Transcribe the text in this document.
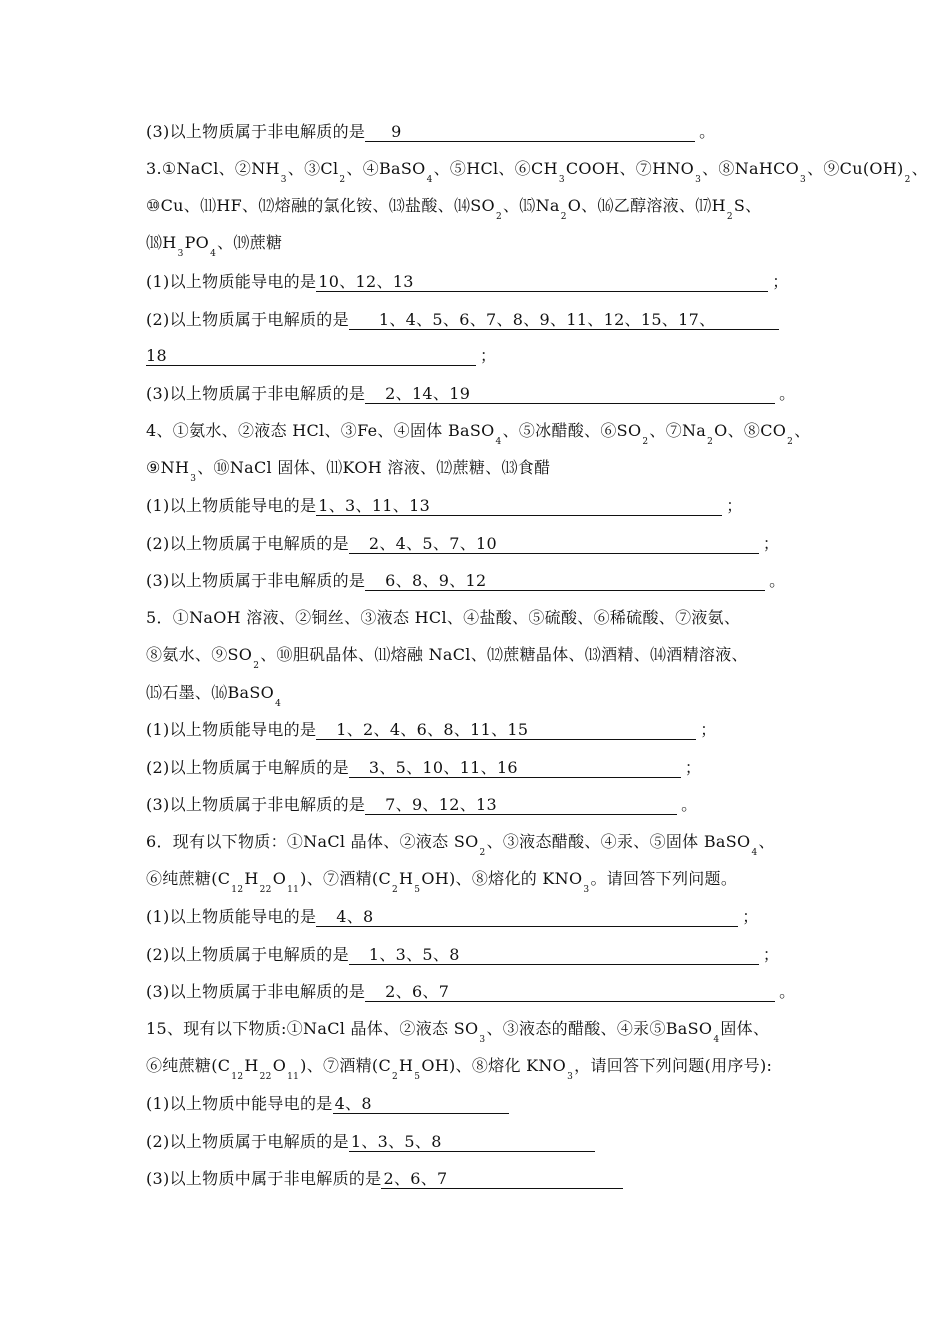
(3)以上物质属于非电解质的是 9	。
3.①NaCl、$②NH_3$、$③Cl_2$、④BaSO$_4$、⑤HCl、$⑥CH_3COOH$、$⑦HNO_3$、⑧NaHCO$_3$、$⑨Cu(OH)_2$、
⑩Cu、⑾HF、⑿熔融的氯化铵、⒀盐酸、$⒁SO_2$、$⒂Na_2O$、⒃乙醇溶液、$⒄H_2S$、
$⒅H_3PO_4$、⒆蔗糖
(1)以上物质能导电的是 10、12、13	；
(2)以上物质属于电解质的是 1、4、5、6、7、8、9、11、12、15、17、
18	；
(3)以上物质属于非电解质的是 2、14、19	。
4、①氨水、②液态 HCl、③Fe、④固体 BaSO$_4$、⑤冰醋酸、$⑥SO_2$、$⑦Na_2O$、$⑧CO_2$、
$⑨NH_3$、⑩NaCl 固体、⑾KOH 溶液、⑿蔗糖、⒀食醋
(1)以上物质能导电的是 1、3、11、13	；
(2)以上物质属于电解质的是 2、4、5、7、10	；
(3)以上物质属于非电解质的是 6、8、9、12	。
5．①NaOH 溶液、②铜丝、③液态 HCl、④盐酸、⑤硫酸、⑥稀硫酸、⑦液氨、
⑧氨水、$⑨SO_2$、⑩胆矾晶体、⑾熔融 NaCl、⑿蔗糖晶体、⒀酒精、⒁酒精溶液、
⒂石墨、⒃BaSO$_4$
(1)以上物质能导电的是 1、2、4、6、8、11、15	；
(2)以上物质属于电解质的是 3、5、10、11、16	；
(3)以上物质属于非电解质的是 7、9、12、13	。
6．现有以下物质：①NaCl 晶体、②液态 $SO_2$、③液态醋酸、④汞、⑤固体 BaSO$_4$、
⑥纯蔗糖$(C_{12}H_{22}O_{11})$、⑦酒精$(C_2H_5OH)$、⑧熔化的 $KNO_3$。请回答下列问题。
(1)以上物质能导电的是 4、8	；
(2)以上物质属于电解质的是 1、3、5、8	；
(3)以上物质属于非电解质的是 2、6、7	。
15、现有以下物质:①NaCl 晶体、②液态 $SO_3$、③液态的醋酸、④汞⑤BaSO$_4$固体、
⑥纯蔗糖$(C_{12}H_{22}O_{11})$、⑦酒精$(C_2H_5OH)$、⑧熔化 $KNO_3$，请回答下列问题(用序号):
(1)以上物质中能导电的是 4、8
(2)以上物质属于电解质的是 1、3、5、8
(3)以上物质中属于非电解质的是 2、6、7
